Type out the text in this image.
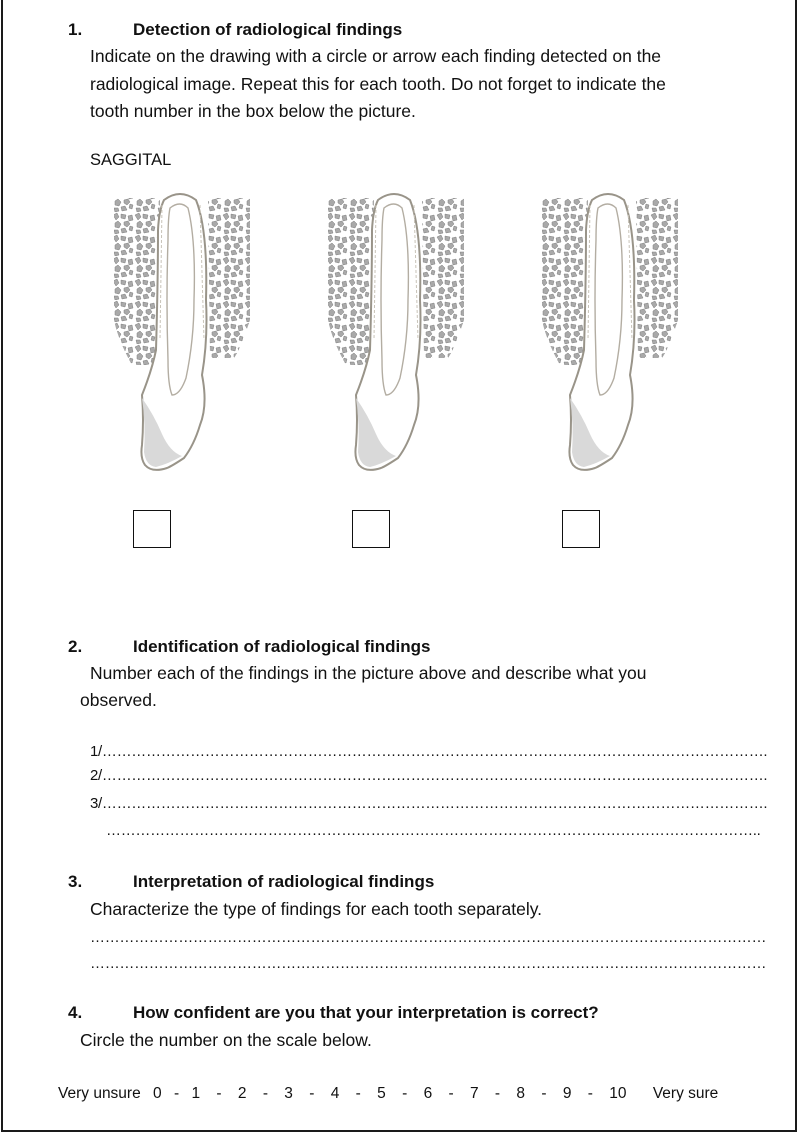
1.	Detection of radiological findings
Indicate on the drawing with a circle or arrow each finding detected on the
radiological image. Repeat this for each tooth. Do not forget to indicate the
tooth number in the box below the picture.
SAGGITAL
2.	Identification of radiological findings
Number each of the findings in the picture above and describe what you
observed.
1/……………………………………………………………………………………………………………………….
2/……………………………………………………………………………………………………………………….
3/……………………………………………………………………………………………………………………….
……………………………………………………………………………………………………………………..
3.	Interpretation of radiological findings
Characterize the type of findings for each tooth separately.
…………………………………………………………………………………………………………………………
…………………………………………………………………………………………………………………………
4.	How confident are you that your interpretation is correct?
Circle the number on the scale below.
Very unsure 0 - 1 - 2 - 3 - 4 - 5 - 6 - 7 - 8 - 9 - 10 Very sure
